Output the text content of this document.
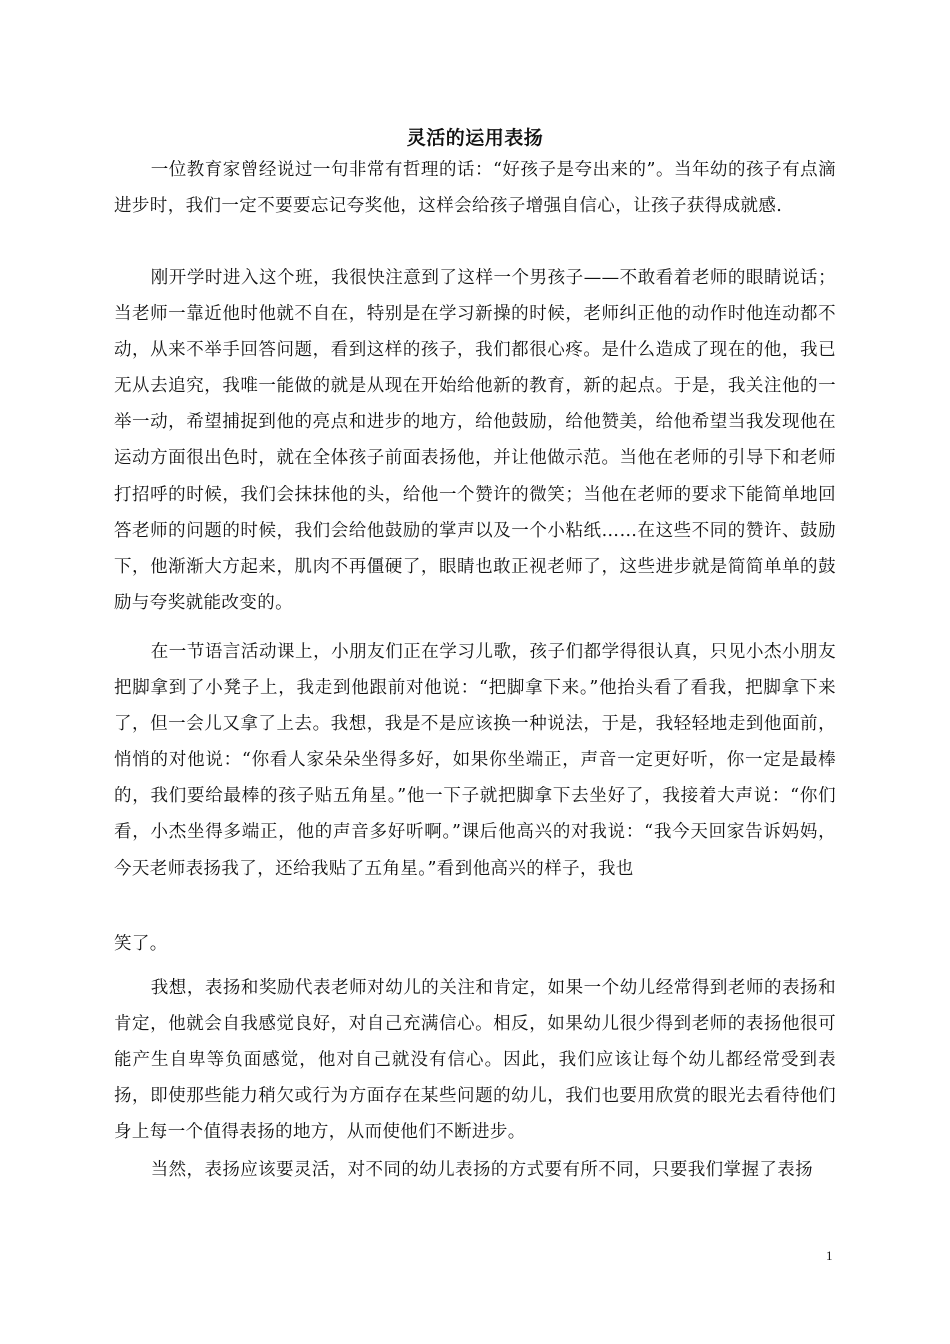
灵活的运用表扬

一位教育家曾经说过一句非常有哲理的话：“好孩子是夸出来的”。当年幼的孩子有点滴进步时，我们一定不要要忘记夸奖他，这样会给孩子增强自信心，让孩子获得成就感.

刚开学时进入这个班，我很快注意到了这样一个男孩子——不敢看着老师的眼睛说话；当老师一靠近他时他就不自在，特别是在学习新操的时候，老师纠正他的动作时他连动都不动，从来不举手回答问题，看到这样的孩子，我们都很心疼。是什么造成了现在的他，我已无从去追究，我唯一能做的就是从现在开始给他新的教育，新的起点。于是，我关注他的一举一动，希望捕捉到他的亮点和进步的地方，给他鼓励，给他赞美，给他希望当我发现他在运动方面很出色时，就在全体孩子前面表扬他，并让他做示范。当他在老师的引导下和老师打招呼的时候，我们会抹抹他的头，给他一个赞许的微笑；当他在老师的要求下能简单地回答老师的问题的时候，我们会给他鼓励的掌声以及一个小粘纸……在这些不同的赞许、鼓励下，他渐渐大方起来，肌肉不再僵硬了，眼睛也敢正视老师了，这些进步就是简简单单的鼓励与夸奖就能改变的。

在一节语言活动课上，小朋友们正在学习儿歌，孩子们都学得很认真，只见小杰小朋友把脚拿到了小凳子上，我走到他跟前对他说：“把脚拿下来。”他抬头看了看我，把脚拿下来了，但一会儿又拿了上去。我想，我是不是应该换一种说法，于是，我轻轻地走到他面前，悄悄的对他说：“你看人家朵朵坐得多好，如果你坐端正，声音一定更好听，你一定是最棒的，我们要给最棒的孩子贴五角星。”他一下子就把脚拿下去坐好了，我接着大声说：“你们看，小杰坐得多端正，他的声音多好听啊。”课后他高兴的对我说：“我今天回家告诉妈妈，今天老师表扬我了，还给我贴了五角星。”看到他高兴的样子，我也

笑了。

我想，表扬和奖励代表老师对幼儿的关注和肯定，如果一个幼儿经常得到老师的表扬和肯定，他就会自我感觉良好，对自己充满信心。相反，如果幼儿很少得到老师的表扬他很可能产生自卑等负面感觉，他对自己就没有信心。因此，我们应该让每个幼儿都经常受到表扬，即使那些能力稍欠或行为方面存在某些问题的幼儿，我们也要用欣赏的眼光去看待他们身上每一个值得表扬的地方，从而使他们不断进步。

当然，表扬应该要灵活，对不同的幼儿表扬的方式要有所不同，只要我们掌握了表扬

1
